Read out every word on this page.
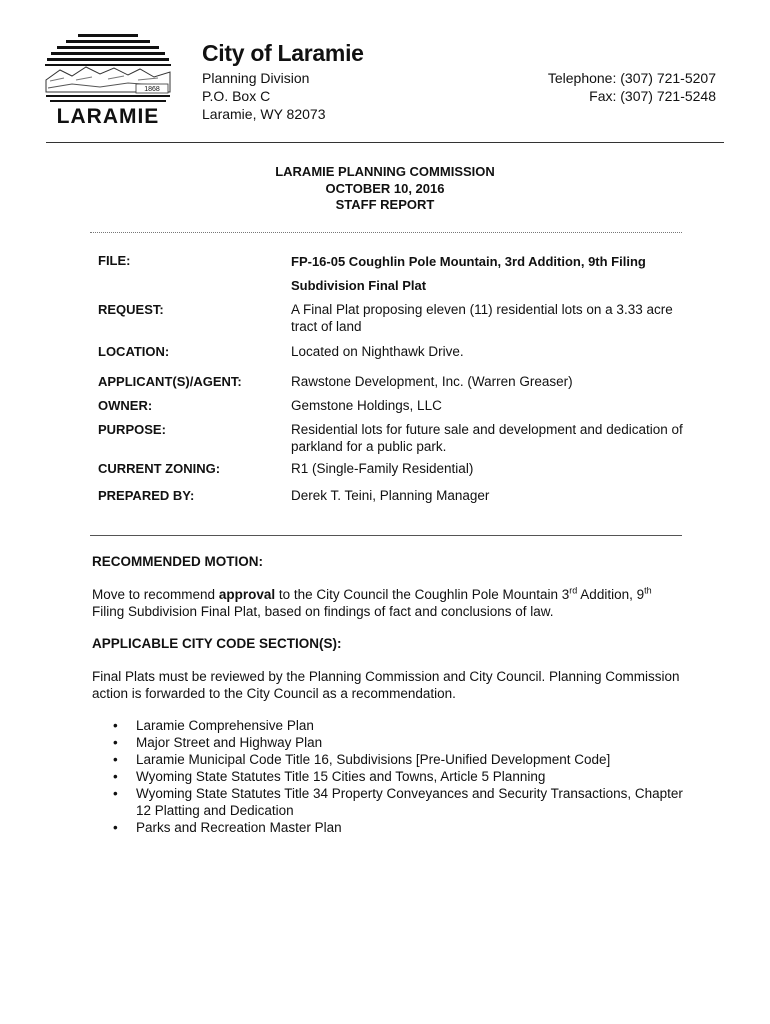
1868
LARAMIE
City of Laramie
Planning Division
P.O. Box C
Laramie, WY 82073
Telephone: (307) 721-5207
Fax: (307) 721-5248
LARAMIE PLANNING COMMISSION
OCTOBER 10, 2016
STAFF REPORT
FILE:	FP-16-05 Coughlin Pole Mountain, 3rd Addition, 9th Filing
Subdivision Final Plat
REQUEST:	A Final Plat proposing eleven (11) residential lots on a 3.33 acre tract of land
LOCATION:	Located on Nighthawk Drive.
APPLICANT(S)/AGENT:	Rawstone Development, Inc. (Warren Greaser)
OWNER:	Gemstone Holdings, LLC
PURPOSE:	Residential lots for future sale and development and dedication of parkland for a public park.
CURRENT ZONING:	R1 (Single-Family Residential)
PREPARED BY:	Derek T. Teini, Planning Manager
RECOMMENDED MOTION:
Move to recommend approval to the City Council the Coughlin Pole Mountain 3rd Addition, 9th Filing Subdivision Final Plat, based on findings of fact and conclusions of law.
APPLICABLE CITY CODE SECTION(S):
Final Plats must be reviewed by the Planning Commission and City Council. Planning Commission action is forwarded to the City Council as a recommendation.
• Laramie Comprehensive Plan
• Major Street and Highway Plan
• Laramie Municipal Code Title 16, Subdivisions [Pre-Unified Development Code]
• Wyoming State Statutes Title 15 Cities and Towns, Article 5 Planning
• Wyoming State Statutes Title 34 Property Conveyances and Security Transactions, Chapter 12 Platting and Dedication
• Parks and Recreation Master Plan
